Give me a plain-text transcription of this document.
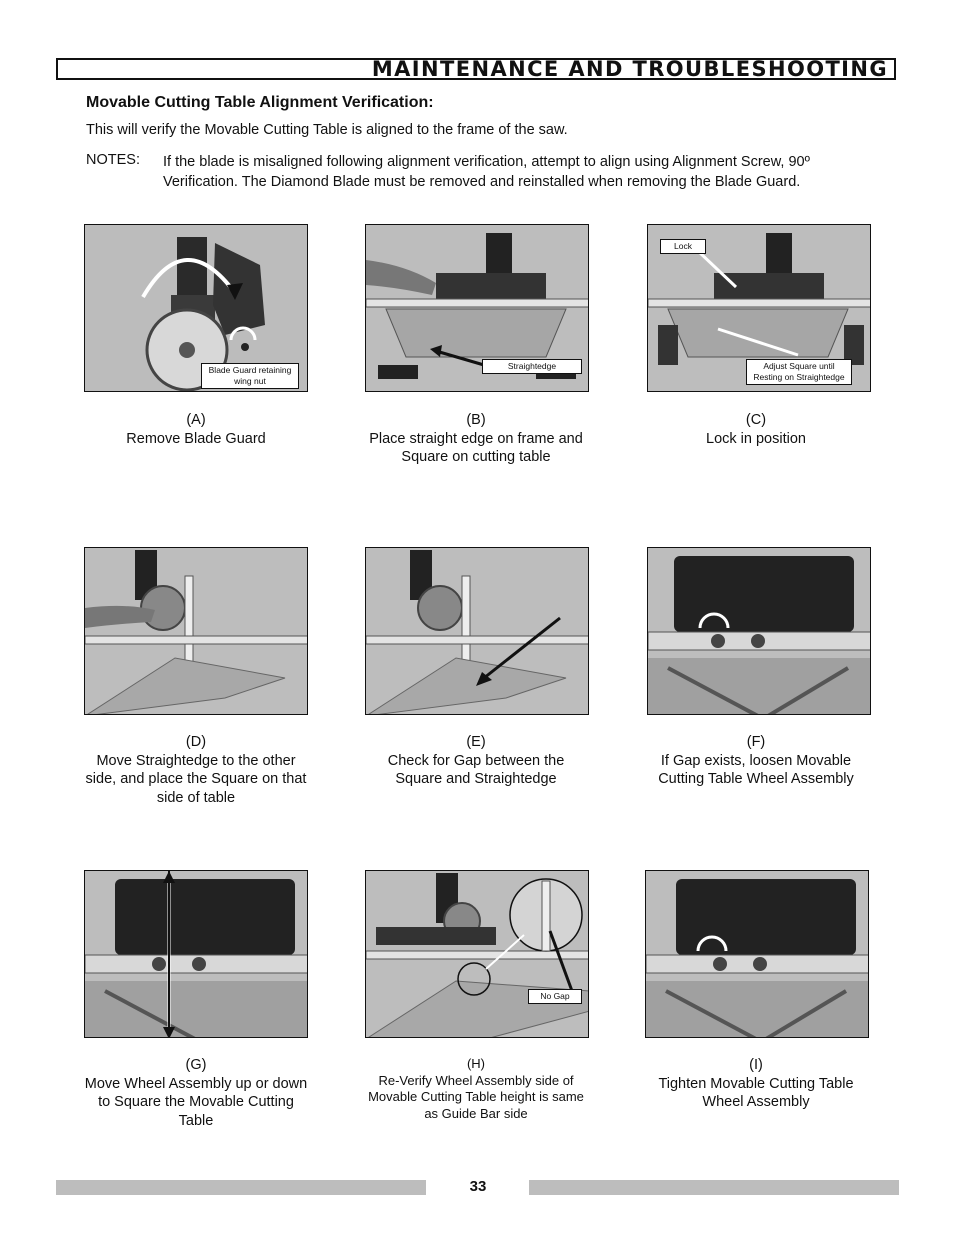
MAINTENANCE AND TROUBLESHOOTING
Movable Cutting Table Alignment Verification:

This will verify the Movable Cutting Table is aligned to the frame of the saw.

NOTES: If the blade is misaligned following alignment verification, attempt to align using Alignment Screw, 90º Verification. The Diamond Blade must be removed and reinstalled when removing the Blade Guard.
Blade Guard retaining wing nut
Straightedge
Lock
Adjust Square until Resting on Straightedge
(A)
Remove Blade Guard
(B)
Place straight edge on frame and Square on cutting table
(C)
Lock in position
(D)
Move Straightedge to the other side, and place the Square on that side of table
(E)
Check for Gap between the Square and Straightedge
(F)
If Gap exists, loosen Movable Cutting Table Wheel Assembly
No Gap
(G)
Move Wheel Assembly up or down to Square the Movable Cutting Table
(H)
Re-Verify Wheel Assembly side of Movable Cutting Table height is same as Guide Bar side
(I)
Tighten Movable Cutting Table Wheel Assembly
33
